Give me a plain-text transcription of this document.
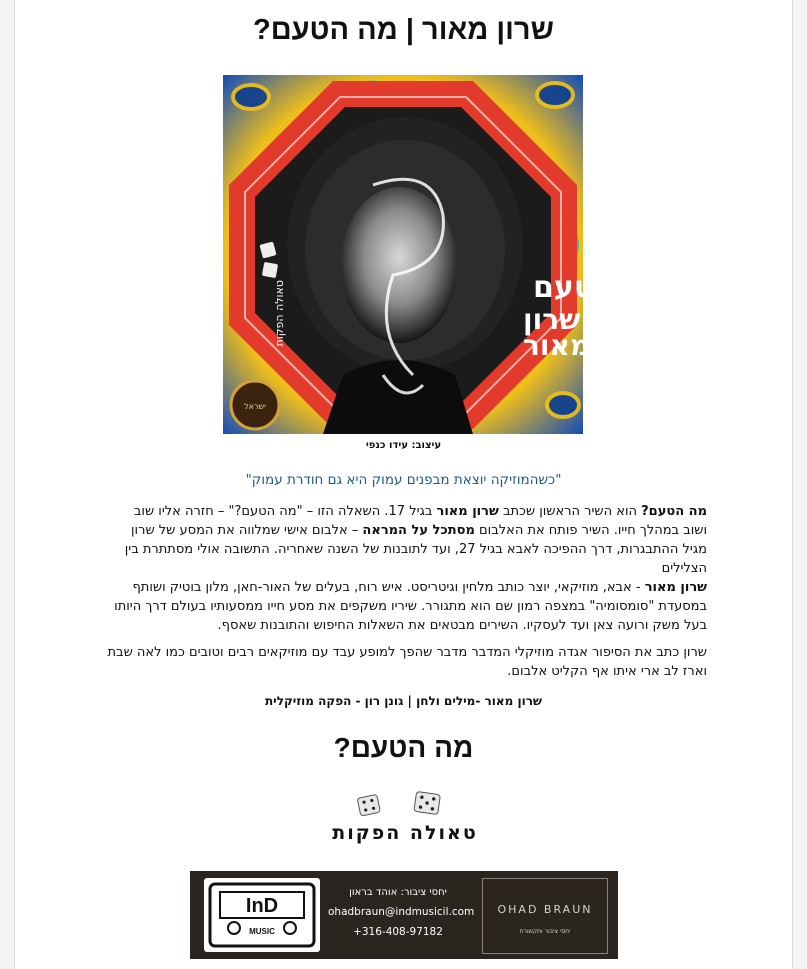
שרון מאור | מה הטעם?
מה הטעם
שרון
מאור
טאולה הפקות
ישראל
עיצוב: עידו כנפי
"כשהמוזיקה יוצאת מבפנים עמוק היא גם חודרת עמוק"

מה הטעם? הוא השיר הראשון שכתב שרון מאור בגיל 17. השאלה הזו – "מה הטעם?" – חזרה אליו שוב ושוב במהלך חייו. השיר פותח את האלבום מסתכל על המראה – אלבום אישי שמלווה את המסע של שרון מגיל ההתבגרות, דרך ההפיכה לאבא בגיל 27, ועד לתובנות של השנה שאחריה. התשובה אולי מסתתרת בין הצלילים

שרון מאור - אבא, מוזיקאי, יוצר כותב מלחין וגיטריסט. איש רוח, בעלים של האור-חאן, מלון בוטיק ושותף במסעדת "סומסומיה" במצפה רמון שם הוא מתגורר. שיריו משקפים את מסע חייו ממסעותיו בעולם דרך היותו בעל משק ורועה צאן ועד לעסקיו. השירים מבטאים את השאלות החיפוש והתובנות שאסף.

שרון כתב את הסיפור אגדה מוזיקלי המדבר מדבר שהפך למופע עבד עם מוזיקאים רבים וטובים כמו לאה שבת וארז לב ארי איתו אף הקליט אלבום.

שרון מאור -מילים ולחן | גונן רון - הפקה מוזיקלית
מה הטעם?
טאולה הפקות
InD
MUSIC
יחסי ציבור: אוהד בראון
ohadbraun@indmusicil.com
+316-408-97182
OHAD BRAUN
יחסי ציבור ותקשורת
